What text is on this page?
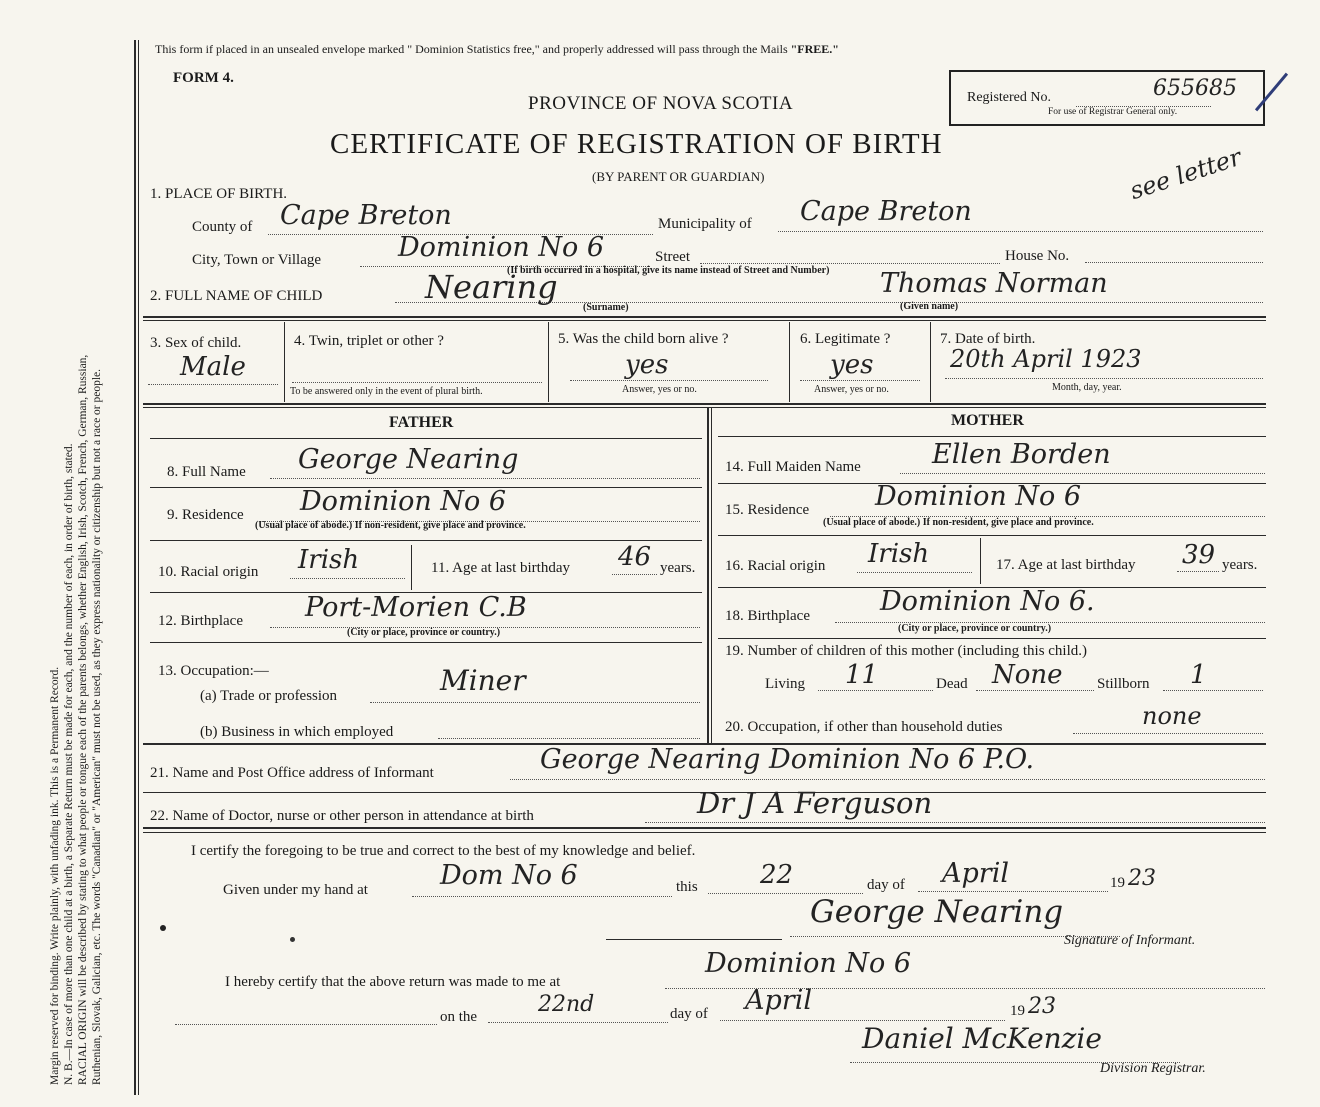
Margin reserved for binding. Write plainly, with unfading ink. This is a Permanent Record. N. B.—In case of more than one child at a birth, a Separate Return must be made for each, and the number of each, in order of birth, stated. RACIAL ORIGIN will be described by stating to what people or tongue each of the parents belongs, whether English, Irish, Scotch, French, German, Russian, Ruthenian, Slovak, Galician, etc. The words "Canadian" or "American" must not be used, as they express nationality or citizenship but not a race or people.
This form if placed in an unsealed envelope marked " Dominion Statistics free," and properly addressed will pass through the Mails "FREE."
FORM 4.
PROVINCE OF NOVA SCOTIA
CERTIFICATE OF REGISTRATION OF BIRTH
(BY PARENT OR GUARDIAN)
Registered No.	655685
For use of Registrar General only.
see letter
1. PLACE OF BIRTH.
County of Cape Breton	Municipality of Cape Breton
City, Town or Village	Dominion No 6	Street	House No.
(If birth occurred in a hospital, give its name instead of Street and Number)
2. FULL NAME OF CHILD	Nearing	Thomas Norman
(Surname)	(Given name)
3. Sex of child.
Male
4. Twin, triplet or other ?
To be answered only in the event of plural birth.
5. Was the child born alive ?
yes
Answer, yes or no.
6. Legitimate ?
yes
Answer, yes or no.
7. Date of birth.
20th April 1923
Month, day, year.
FATHER	MOTHER
8. Full Name George Nearing
9. Residence Dominion No 6
(Usual place of abode.) If non-resident, give place and province.
10. Racial origin Irish	11. Age at last birthday 46 years.
12. Birthplace Port-Morien C.B
(City or place, province or country.)
13. Occupation:—
(a) Trade or profession	Miner
(b) Business in which employed
14. Full Maiden Name	Ellen Borden
15. Residence Dominion No 6
(Usual place of abode.) If non-resident, give place and province.
16. Racial origin Irish	17. Age at last birthday 39 years.
18. Birthplace	Dominion No 6.
(City or place, province or country.)
19. Number of children of this mother (including this child.)
Living 11	Dead None Stillborn 1
20. Occupation, if other than household duties	none
21. Name and Post Office address of Informant	George Nearing Dominion No 6 P.O.
22. Name of Doctor, nurse or other person in attendance at birth	Dr J A Ferguson
I certify the foregoing to be true and correct to the best of my knowledge and belief.
Given under my hand at	Dom No 6	this 22	day of April	19 23
George Nearing
Signature of Informant.
I hereby certify that the above return was made to me at
Dominion No 6
on the	22nd	day of April	19 23
Daniel McKenzie
Division Registrar.
